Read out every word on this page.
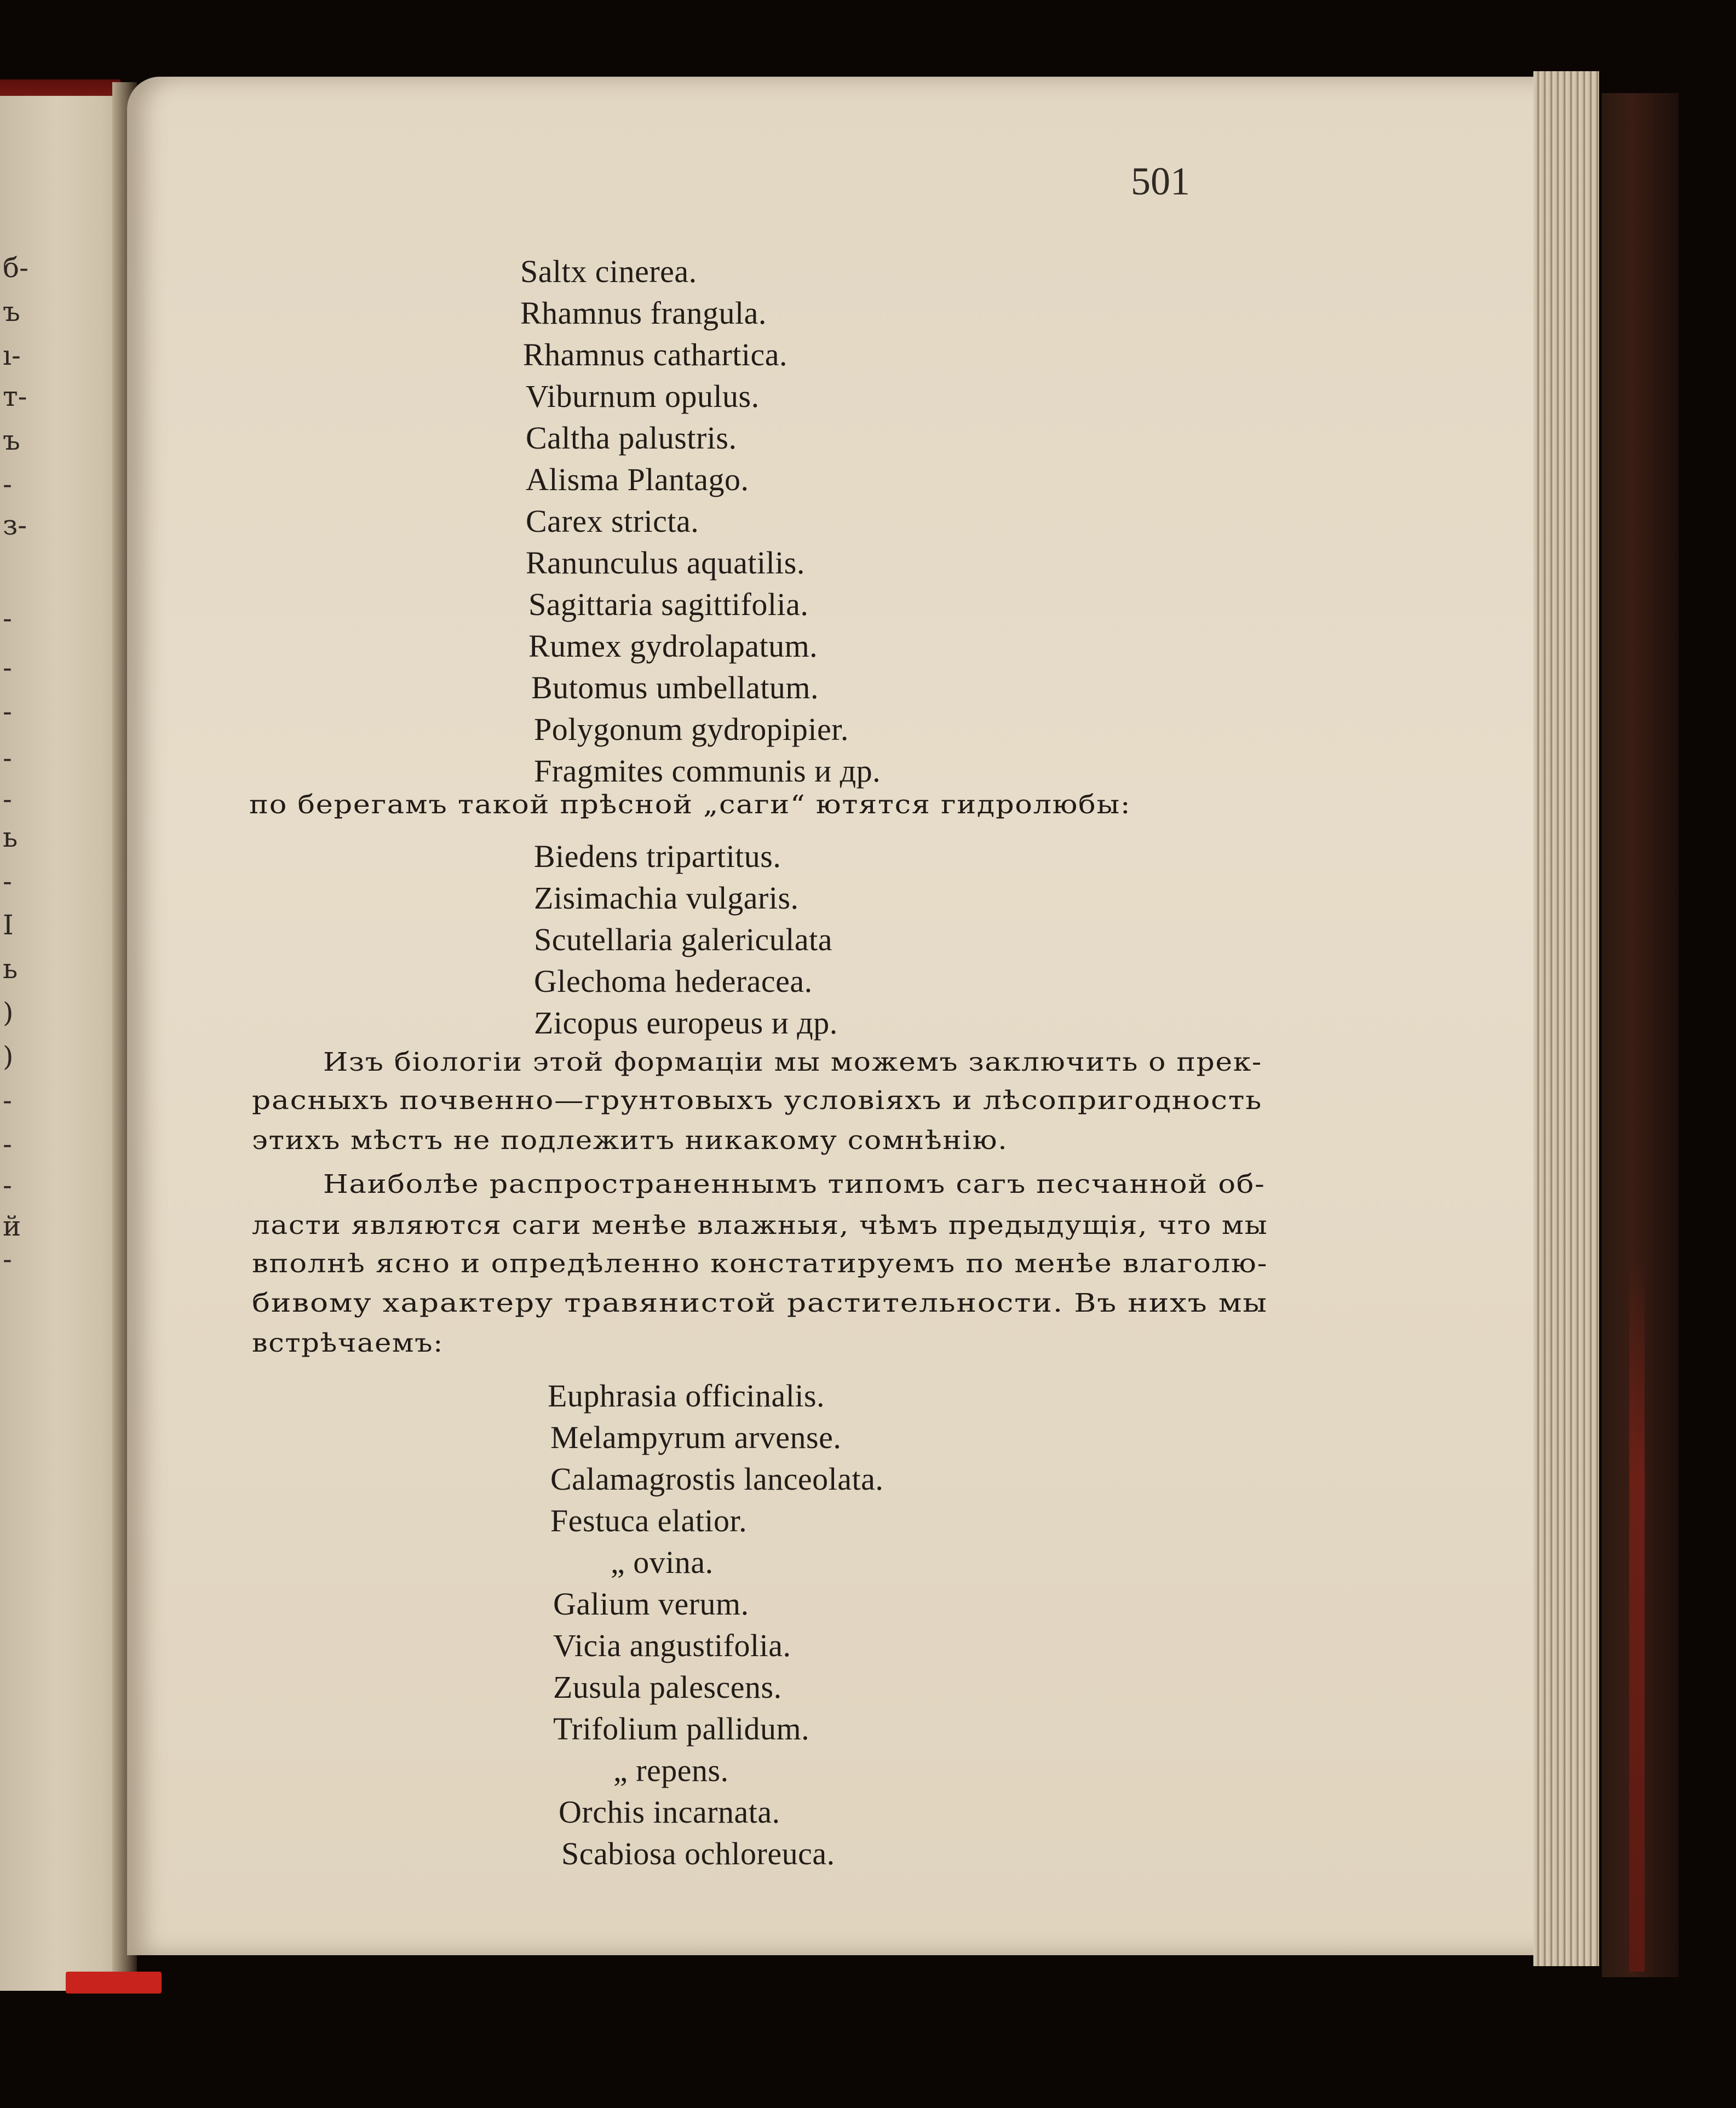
б-
ъ
ı-
т-
ъ
-
з-
-
-
-
-
-
ь
-
I
ь
)
)
-
-
-
й
-
501
Saltx cinerea.
Rhamnus frangula.
Rhamnus cathartica.
Viburnum opulus.
Caltha palustris.
Alisma Plantago.
Carex stricta.
Ranunculus aquatilis.
Sagittaria sagittifolia.
Rumex gydrolapatum.
Butomus umbellatum.
Polygonum gydropipier.
Fragmites communis и др.
по берегамъ такой прѣсной „саги“ ютятся гидролюбы:
Biedens tripartitus.
Zisimachia vulgaris.
Scutellaria galericulata
Glechoma hederacea.
Zicopus europeus и др.
Изъ біологіи этой формаціи мы можемъ заключить о прек-
расныхъ почвенно—грунтовыхъ условіяхъ и лѣсопригодность
этихъ мѣстъ не подлежитъ никакому сомнѣнію.
Наиболѣе распространеннымъ типомъ сагъ песчанной об-
ласти являются саги менѣе влажныя, чѣмъ предыдущія, что мы
вполнѣ ясно и опредѣленно констатируемъ по менѣе влаголю-
бивому характеру травянистой растительности. Въ нихъ мы
встрѣчаемъ:
Euphrasia officinalis.
Melampyrum arvense.
Calamagrostis lanceolata.
Festuca elatior.
„ ovina.
Galium verum.
Vicia angustifolia.
Zusula palescens.
Trifolium pallidum.
„ repens.
Orchis incarnata.
Scabiosa ochloreuca.
